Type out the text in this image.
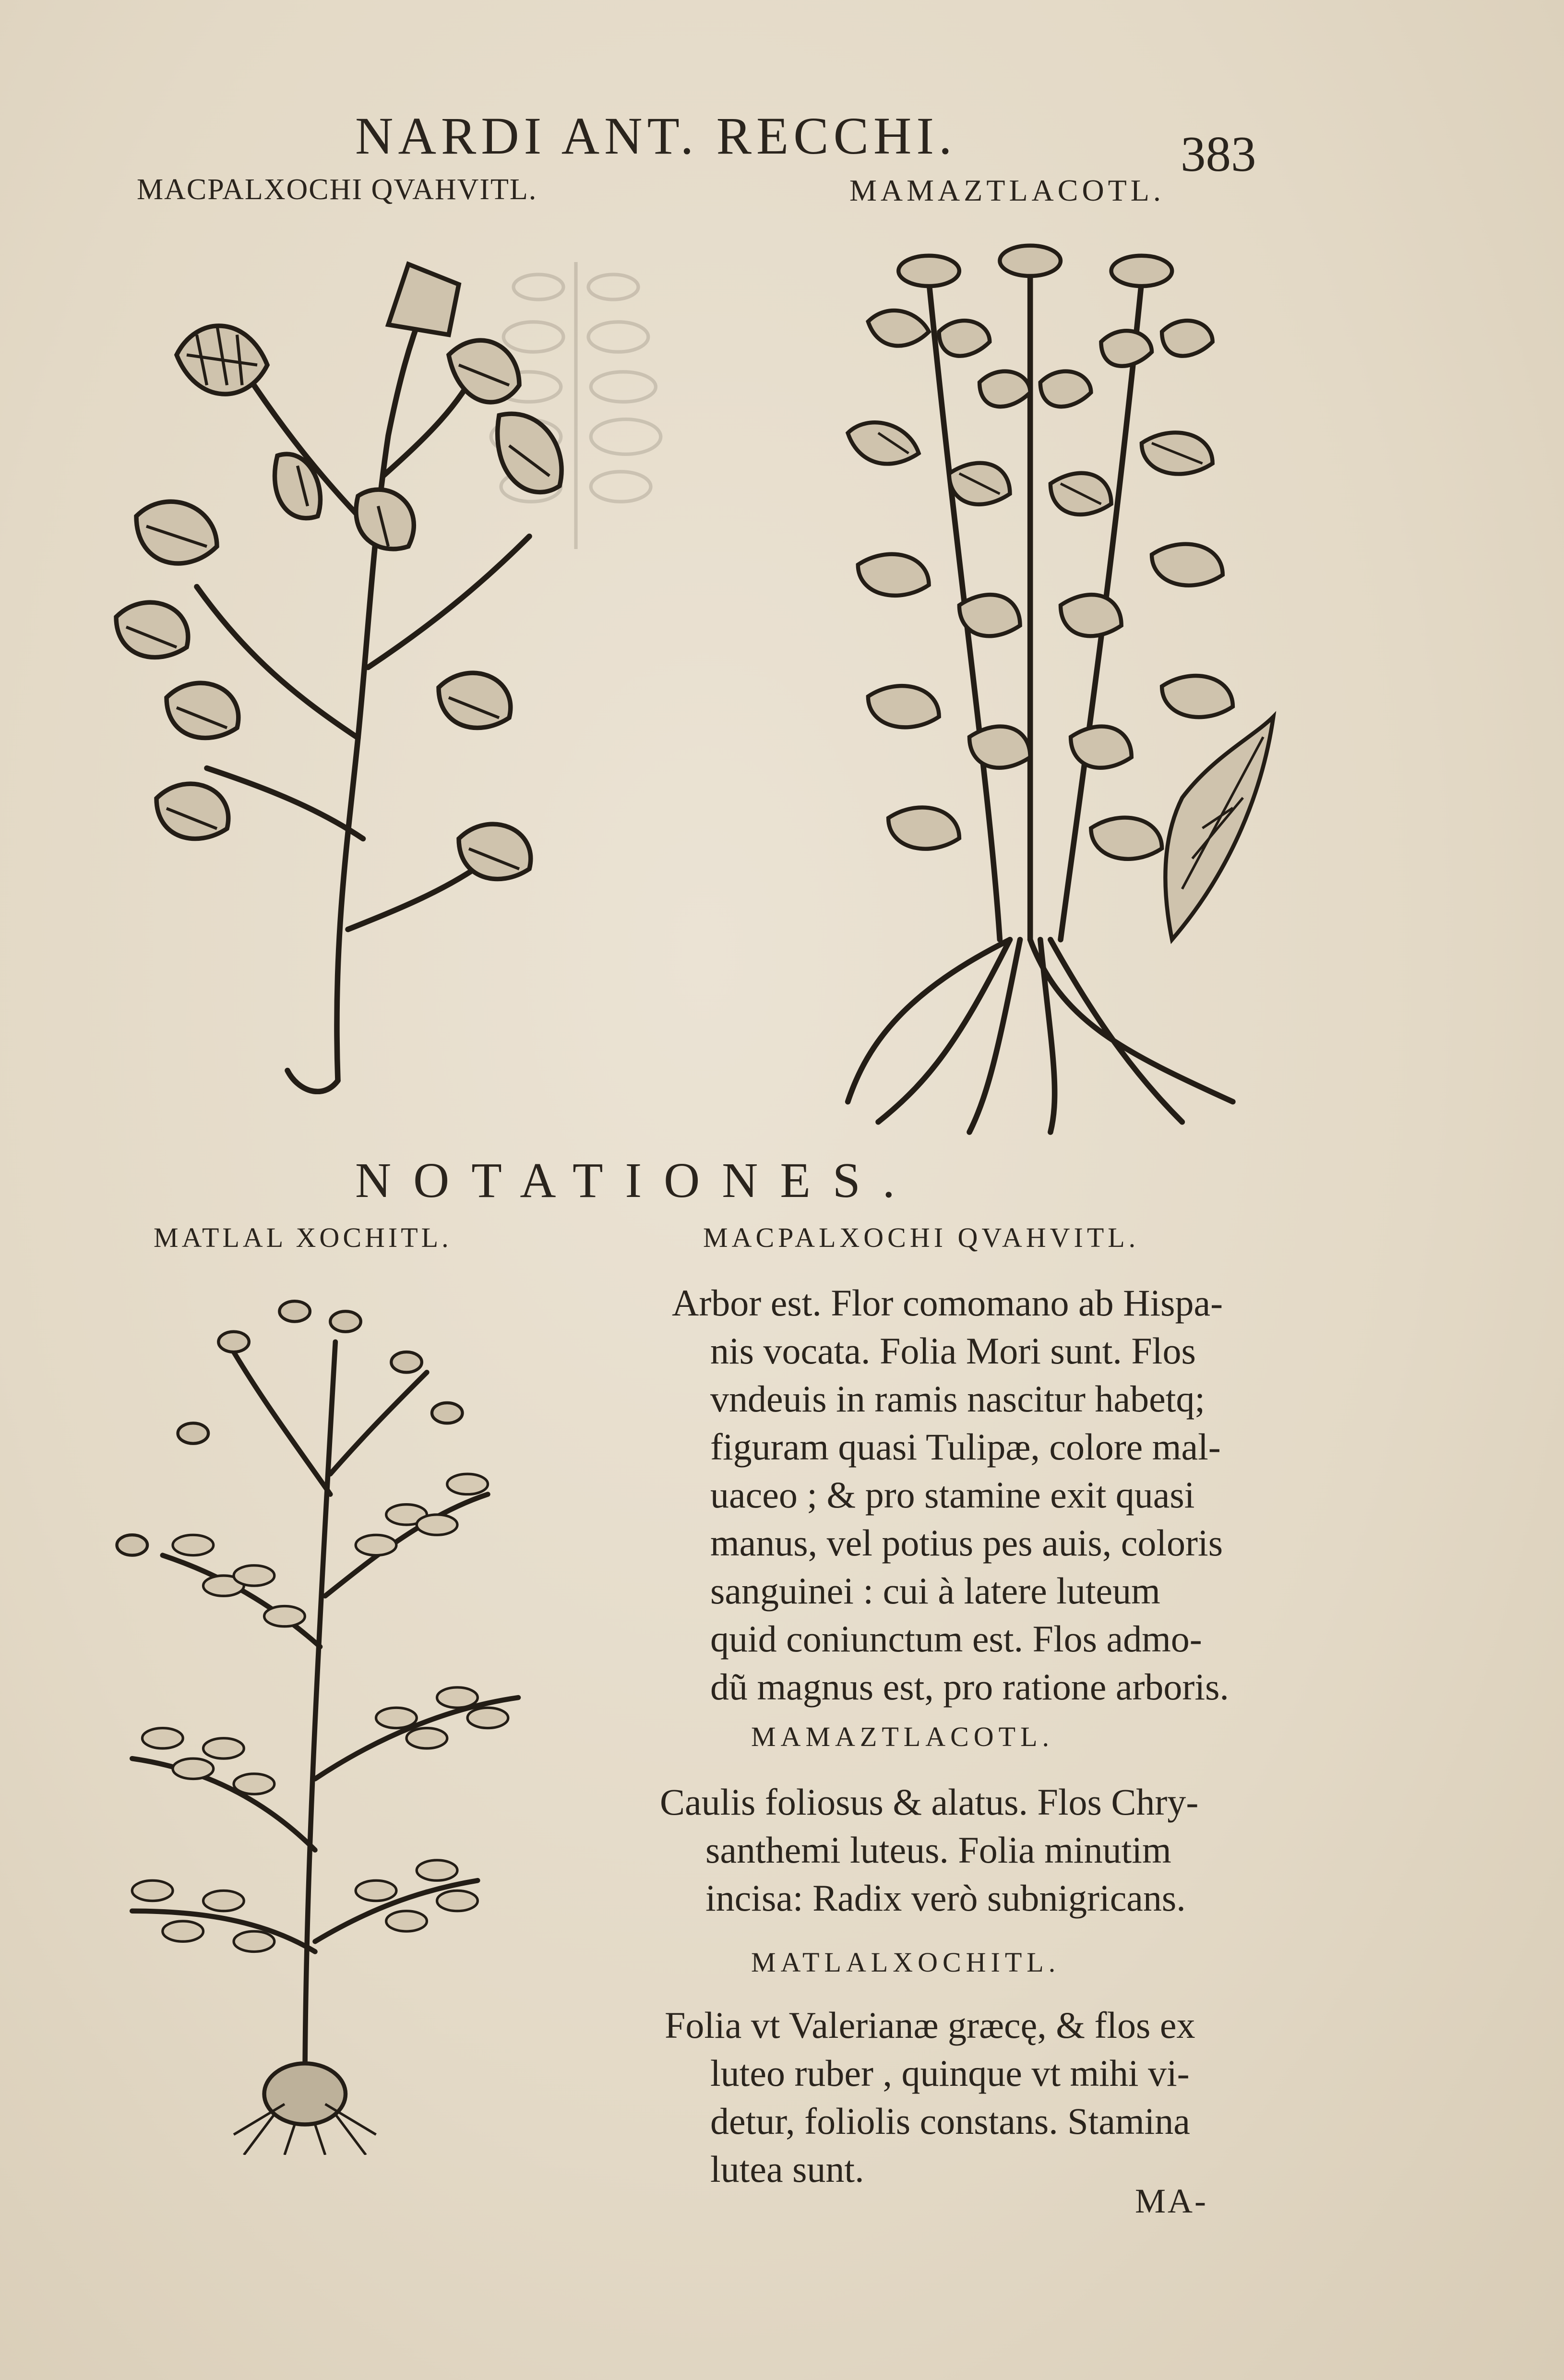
NARDI ANT. RECCHI.	383
MACPALXOCHI QVAHVITL.	MAMAZTLACOTL.
NOTATIONES.
MATLAL XOCHITL.	MACPALXOCHI QVAHVITL.
Arbor est. Flor comomano ab Hispa-
nis vocata. Folia Mori sunt. Flos
vndeuis in ramis nascitur habetq;
figuram quasi Tulipæ, colore mal-
uaceo ; & pro stamine exit quasi
manus, vel potius pes auis, coloris
sanguinei : cui à latere luteum
quid coniunctum est. Flos admo-
dũ magnus est, pro ratione arboris.
MAMAZTLACOTL.
Caulis foliosus & alatus. Flos Chry-
santhemi luteus. Folia minutim
incisa: Radix verò subnigricans.
MATLALXOCHITL.
Folia vt Valerianæ græcę, & flos ex
luteo ruber , quinque vt mihi vi-
detur, foliolis constans. Stamina
lutea sunt.
MA-
